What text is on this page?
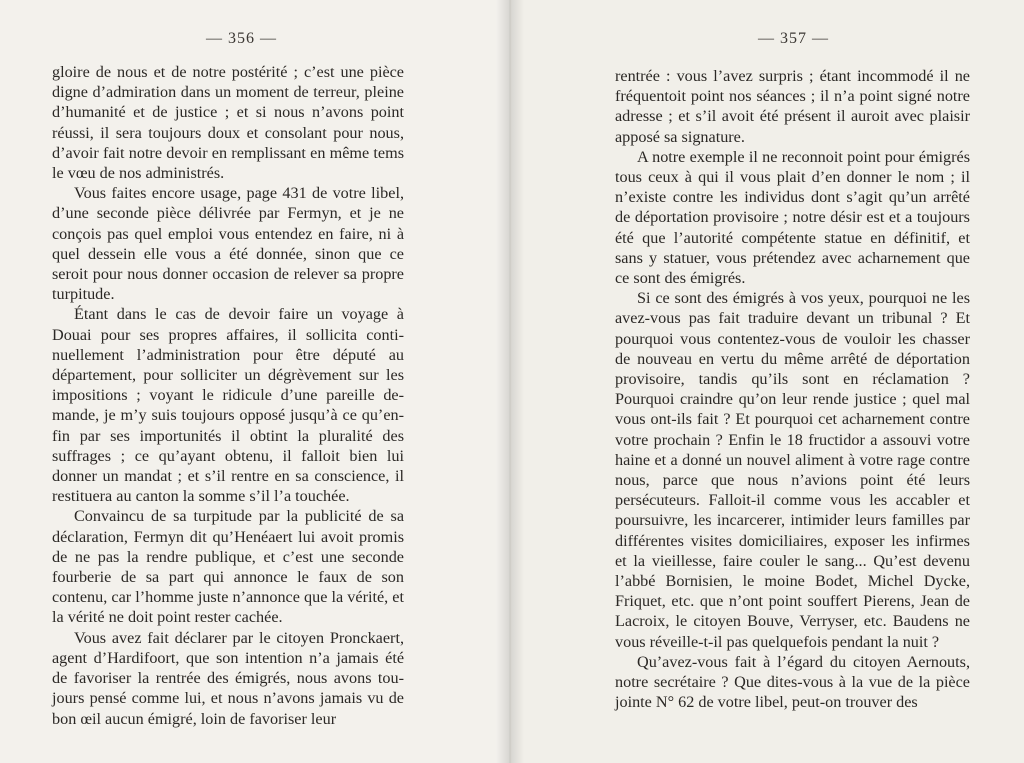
— 356 —

gloire de nous et de notre postérité ; c’est une pièce digne d’admiration dans un moment de terreur, pleine d’humanité et de justice ; et si nous n’avons point réussi, il sera toujours doux et consolant pour nous, d’avoir fait notre devoir en remplissant en même tems le vœu de nos administrés.

Vous faites encore usage, page 431 de votre libel, d’une seconde pièce délivrée par Fermyn, et je ne conçois pas quel emploi vous entendez en faire, ni à quel dessein elle vous a été donnée, sinon que ce seroit pour nous donner occasion de relever sa propre turpitude.

Étant dans le cas de devoir faire un voyage à Douai pour ses propres affaires, il sollicita continuellement l’administration pour être député au département, pour solliciter un dégrèvement sur les impositions ; voyant le ridicule d’une pareille demande, je m’y suis toujours opposé jusqu’à ce qu’enfin par ses importunités il obtint la pluralité des suffrages ; ce qu’ayant obtenu, il falloit bien lui donner un mandat ; et s’il rentre en sa conscience, il restituera au canton la somme s’il l’a touchée.

Convaincu de sa turpitude par la publicité de sa déclaration, Fermyn dit qu’Henéaert lui avoit promis de ne pas la rendre publique, et c’est une seconde fourberie de sa part qui annonce le faux de son contenu, car l’homme juste n’annonce que la vérité, et la vérité ne doit point rester cachée.

Vous avez fait déclarer par le citoyen Pronckaert, agent d’Hardifoort, que son intention n’a jamais été de favoriser la rentrée des émigrés, nous avons toujours pensé comme lui, et nous n’avons jamais vu de bon œil aucun émigré, loin de favoriser leur

— 357 —

rentrée : vous l’avez surpris ; étant incommodé il ne fréquentoit point nos séances ; il n’a point signé notre adresse ; et s’il avoit été présent il auroit avec plaisir apposé sa signature.

A notre exemple il ne reconnoit point pour émigrés tous ceux à qui il vous plait d’en donner le nom ; il n’existe contre les individus dont s’agit qu’un arrêté de déportation provisoire ; notre désir est et a toujours été que l’autorité compétente statue en définitif, et sans y statuer, vous prétendez avec acharnement que ce sont des émigrés.

Si ce sont des émigrés à vos yeux, pourquoi ne les avez-vous pas fait traduire devant un tribunal ? Et pourquoi vous contentez-vous de vouloir les chasser de nouveau en vertu du même arrêté de déportation provisoire, tandis qu’ils sont en réclamation ? Pourquoi craindre qu’on leur rende justice ; quel mal vous ont-ils fait ? Et pourquoi cet acharnement contre votre prochain ? Enfin le 18 fructidor a assouvi votre haine et a donné un nouvel aliment à votre rage contre nous, parce que nous n’avions point été leurs persécuteurs. Falloit-il comme vous les accabler et poursuivre, les incarcerer, intimider leurs familles par différentes visites domiciliaires, exposer les infirmes et la vieillesse, faire couler le sang... Qu’est devenu l’abbé Bornisien, le moine Bodet, Michel Dycke, Friquet, etc. que n’ont point souffert Pierens, Jean de Lacroix, le citoyen Bouve, Verryser, etc. Baudens ne vous réveille-t-il pas quelquefois pendant la nuit ?

Qu’avez-vous fait à l’égard du citoyen Aernouts, notre secrétaire ? Que dites-vous à la vue de la pièce jointe N° 62 de votre libel, peut-on trouver des
